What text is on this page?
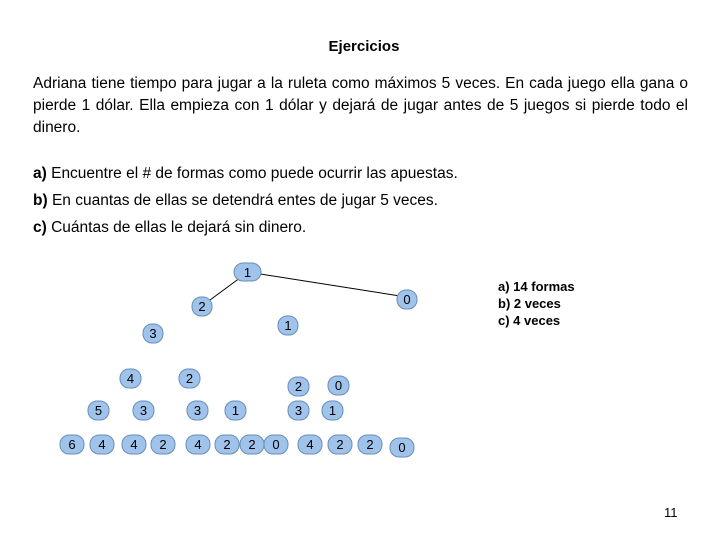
Ejercicios
Adriana tiene tiempo para jugar a la ruleta como máximos 5 veces. En cada juego ella gana o pierde 1 dólar. Ella empieza con 1 dólar y dejará de jugar antes de 5 juegos si pierde todo el dinero.
a) Encuentre el # de formas como puede ocurrir las apuestas.
b) En cuantas de ellas se detendrá entes de jugar 5 veces.
c) Cuántas de ellas le dejará sin dinero.
1
2	0
3
1
4	2
2	0
5	3	3 1	3 1
6 4 4 2 4 2 2 0 4 2 2 0
a) 14 formas
b) 2 veces
c) 4 veces
11
